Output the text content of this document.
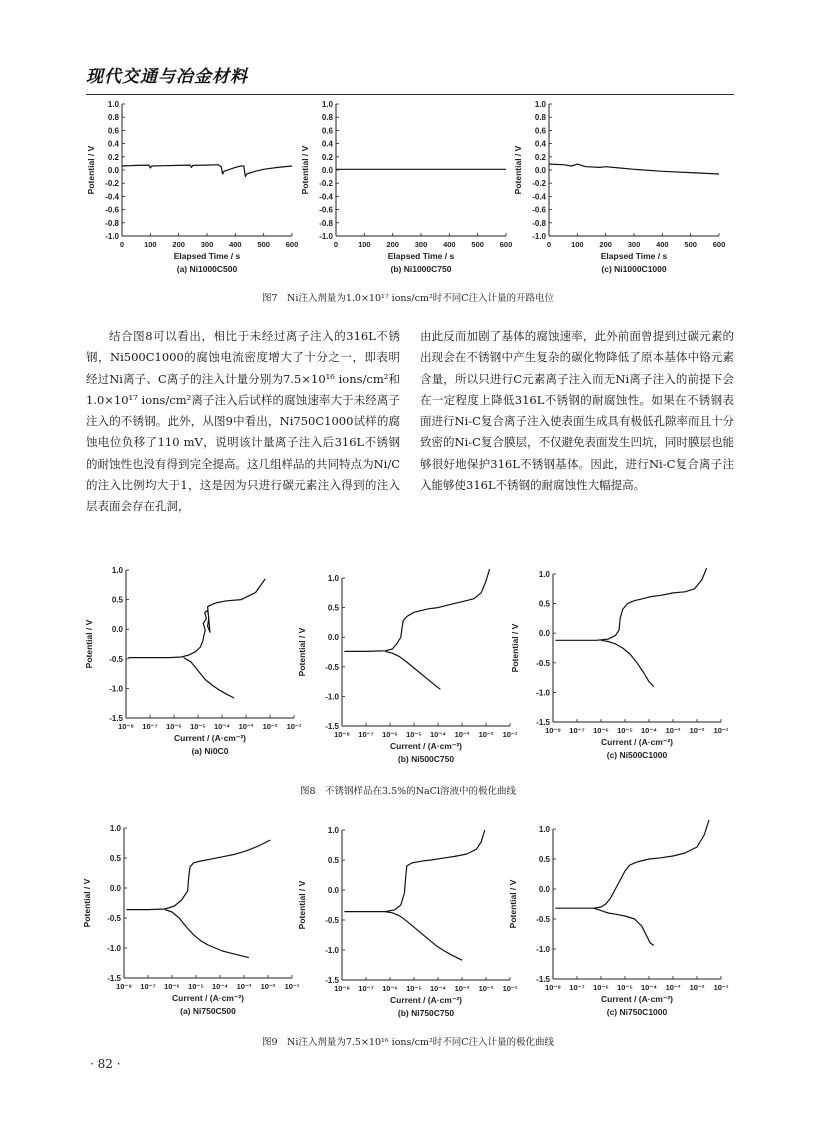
现代交通与冶金材料
1.0
0.8
0.6
0.4
0.2
0.0
-0.2
-0.4
-0.6
-0.8
-1.0
0	100 200 300 400 500 600
Potential / V
Elapsed Time / s
(a) Ni1000C500
1.0
0.8
0.6
0.4
0.2
0.0
-0.2
-0.4
-0.6
-0.8
-1.0
0	100 200 300 400 500 600
Potential / V
Elapsed Time / s
(b) Ni1000C750
1.0
0.8
0.6
0.4
0.2
0.0
-0.2
-0.4
-0.6
-0.8
-1.0
0	100 200 300 400 500 600
Potential / V
Elapsed Time / s
(c) Ni1000C1000
1.0
0.5
0.0
-0.5
-1.0
-1.5
10⁻⁸ 10⁻⁷ 10⁻⁶ 10⁻⁵ 10⁻⁴ 10⁻³ 10⁻² 10⁻¹
Potential / V
Current / (A·cm⁻²)
(a) Ni0C0
1.0
0.5
0.0
-0.5
-1.0
-1.5
10⁻⁸ 10⁻⁷ 10⁻⁶ 10⁻⁵ 10⁻⁴ 10⁻³ 10⁻² 10⁻¹
Potential / V
Current / (A·cm⁻²)
(b) Ni500C750
1.0
0.5
0.0
-0.5
-1.0
-1.5
10⁻⁸ 10⁻⁷ 10⁻⁶ 10⁻⁵ 10⁻⁴ 10⁻³ 10⁻² 10⁻¹
Potential / V
Current / (A·cm⁻²)
(c) Ni500C1000
1.0
0.5
0.0
-0.5
-1.0
-1.5
10⁻⁸ 10⁻⁷ 10⁻⁶ 10⁻⁵ 10⁻⁴ 10⁻³ 10⁻² 10⁻¹
Potential / V
Current / (A·cm⁻²)
(a) Ni750C500
1.0
0.5
0.0
-0.5
-1.0
-1.5
10⁻⁸ 10⁻⁷ 10⁻⁶ 10⁻⁵ 10⁻⁴ 10⁻³ 10⁻² 10⁻¹
Potential / V
Current / (A·cm⁻²)
(b) Ni750C750
1.0
0.5
0.0
-0.5
-1.0
-1.5
10⁻⁸ 10⁻⁷ 10⁻⁶ 10⁻⁵ 10⁻⁴ 10⁻³ 10⁻² 10⁻¹
Potential / V
Current / (A·cm⁻²)
(c) Ni750C1000
图7　Ni注入剂量为1.0×10¹⁷ ions/cm²时不同C注入计量的开路电位
图8　不锈钢样品在3.5%的NaCl溶液中的极化曲线
图9　Ni注入剂量为7.5×10¹⁶ ions/cm²时不同C注入计量的极化曲线

结合图8可以看出，相比于未经过离子注入的316L不锈钢，Ni500C1000的腐蚀电流密度增大了十分之一，即表明经过Ni离子、C离子的注入计量分别为7.5×10¹⁶ ions/cm²和1.0×10¹⁷ ions/cm²离子注入后试样的腐蚀速率大于未经离子注入的不锈钢。此外，从图9中看出，Ni750C1000试样的腐蚀电位负移了110 mV，说明该计量离子注入后316L不锈钢的耐蚀性也没有得到完全提高。这几组样品的共同特点为Ni/C的注入比例均大于1，这是因为只进行碳元素注入得到的注入层表面会存在孔洞，

由此反而加剧了基体的腐蚀速率，此外前面曾提到过碳元素的出现会在不锈钢中产生复杂的碳化物降低了原本基体中铬元素含量，所以只进行C元素离子注入而无Ni离子注入的前提下会在一定程度上降低316L不锈钢的耐腐蚀性。如果在不锈钢表面进行Ni-C复合离子注入使表面生成具有极低孔隙率而且十分致密的Ni-C复合膜层，不仅避免表面发生凹坑，同时膜层也能够很好地保护316L不锈钢基体。因此，进行Ni-C复合离子注入能够使316L不锈钢的耐腐蚀性大幅提高。

· 82 ·
